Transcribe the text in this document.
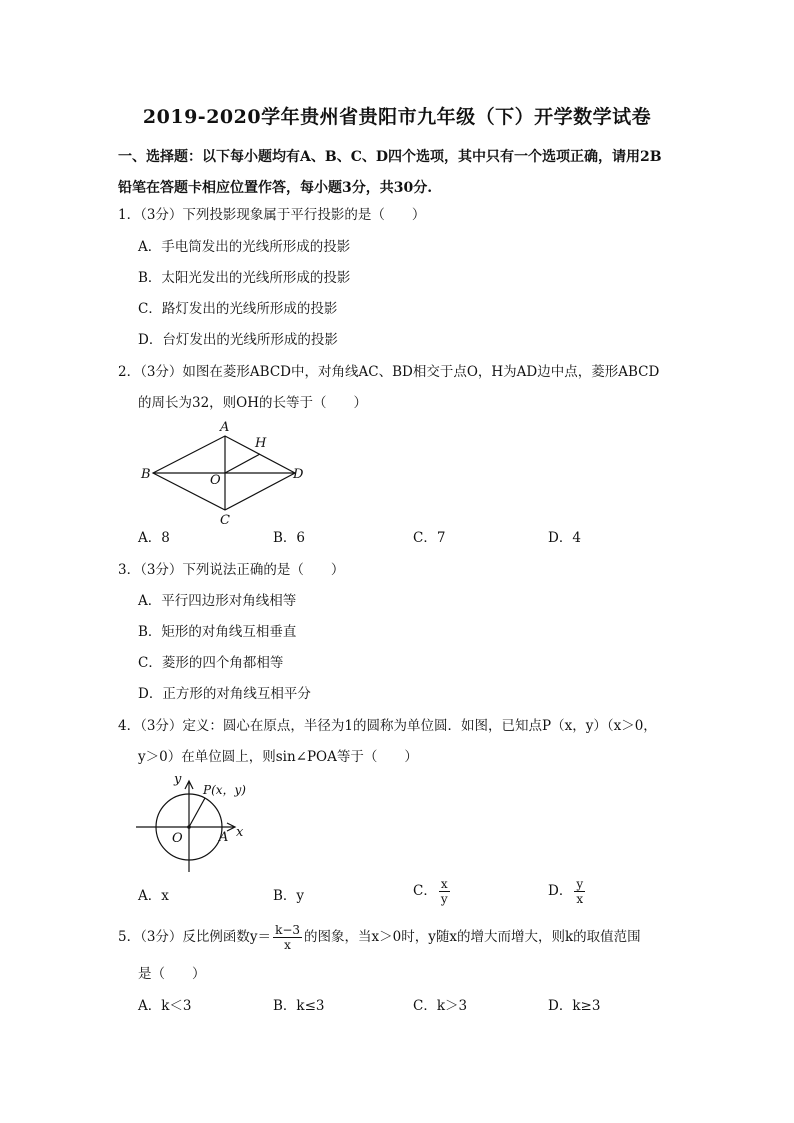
2019-2020学年贵州省贵阳市九年级（下）开学数学试卷
一、选择题：以下每小题均有A、B、C、D四个选项，其中只有一个选项正确，请用2B
铅笔在答题卡相应位置作答，每小题3分，共30分.
1．（3分）下列投影现象属于平行投影的是（　　）
A．手电筒发出的光线所形成的投影
B．太阳光发出的光线所形成的投影
C．路灯发出的光线所形成的投影
D．台灯发出的光线所形成的投影
2．（3分）如图在菱形ABCD中，对角线AC、BD相交于点O，H为AD边中点，菱形ABCD
的周长为32，则OH的长等于（　　）
A
H
B	O	D
C
A．8	B．6	C．7	D．4
3．（3分）下列说法正确的是（　　）
A．平行四边形对角线相等
B．矩形的对角线互相垂直
C．菱形的四个角都相等
D．正方形的对角线互相平分
4．（3分）定义：圆心在原点，半径为1的圆称为单位圆．如图，已知点P（x，y）（x＞0，
y＞0）在单位圆上，则sin∠POA等于（　　）
y
P(x，y)
O	A x
A．x	B．y	C． $\frac{x}{y}$	D． $\frac{y}{x}$
5．（3分）反比例函数$y= \frac{k-3}{x}$ 的图象，当x＞0时，y随x的增大而增大，则k的取值范围
是（　　）
A．k＜3	B．k≤3	C．k＞3	D．k≥3
